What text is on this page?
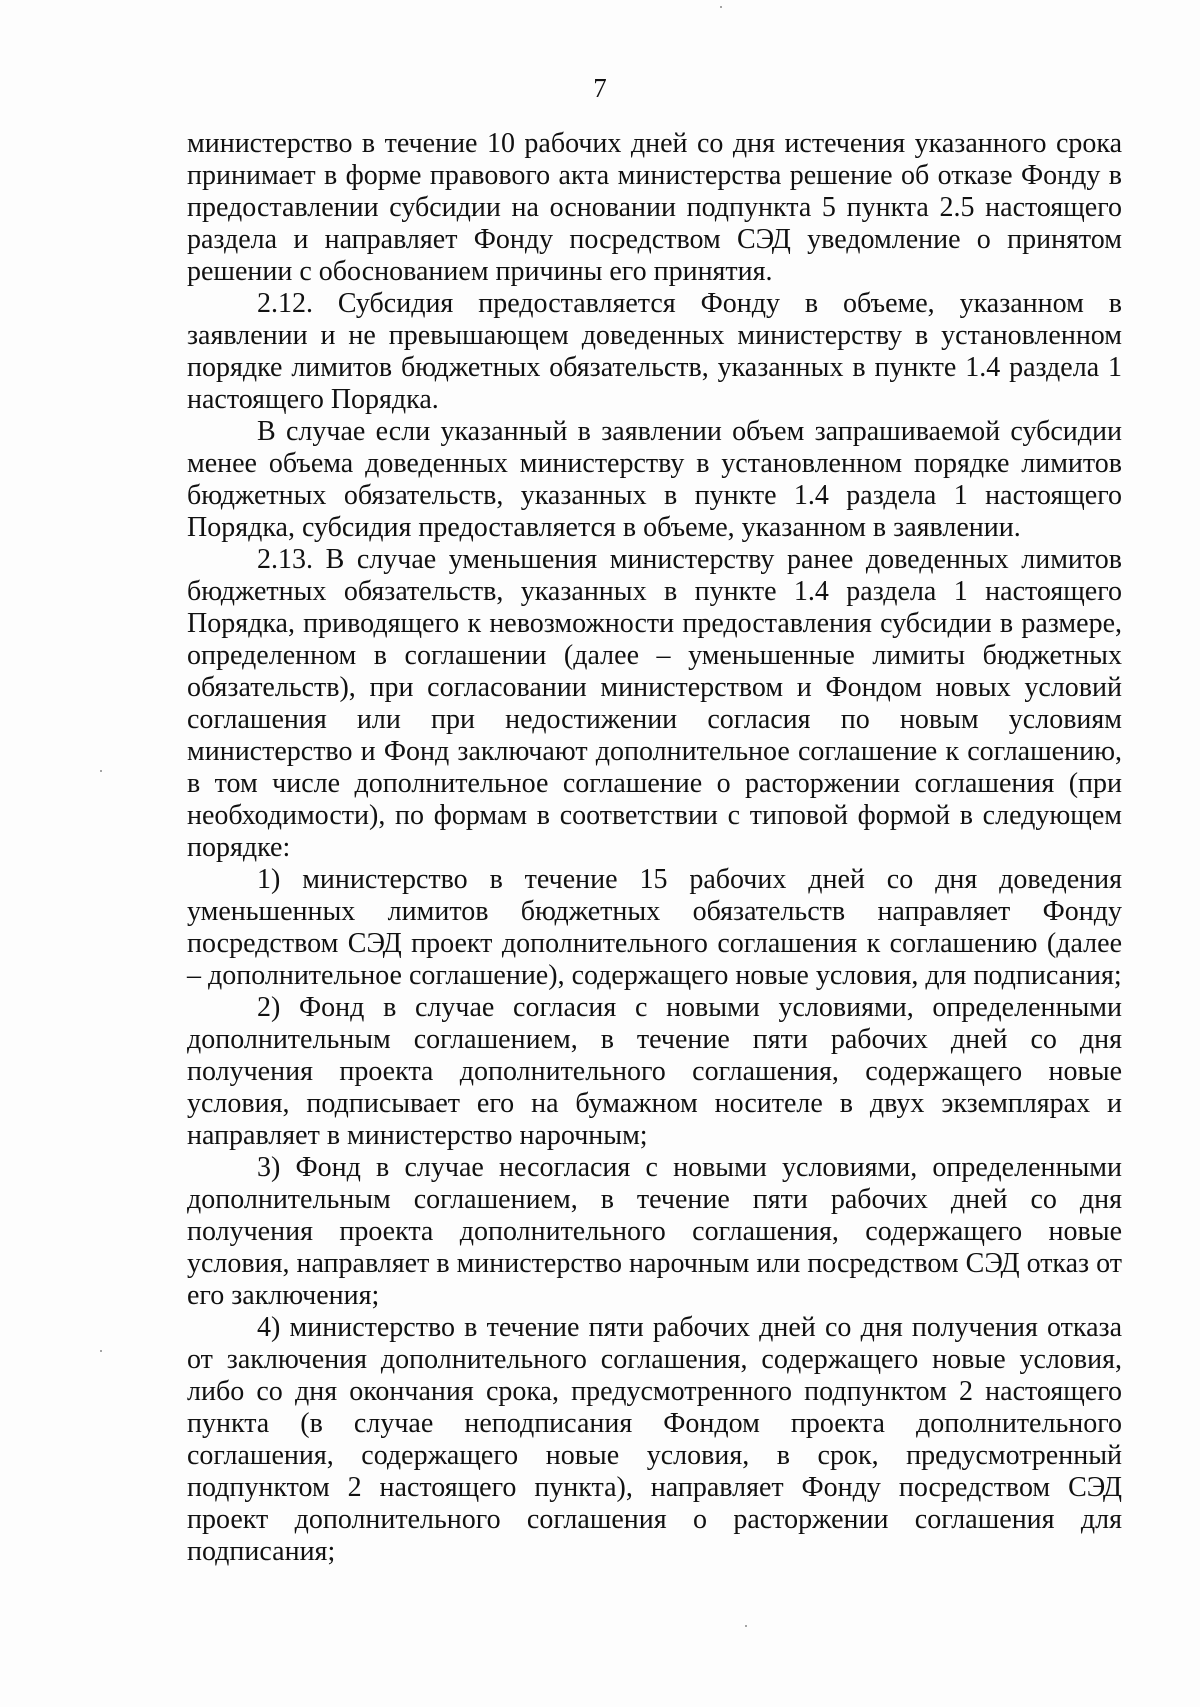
7

министерство в течение 10 рабочих дней со дня истечения указанного срока принимает в форме правового акта министерства решение об отказе Фонду в предоставлении субсидии на основании подпункта 5 пункта 2.5 настоящего раздела и направляет Фонду посредством СЭД уведомление о принятом решении с обоснованием причины его принятия.

2.12. Субсидия предоставляется Фонду в объеме, указанном в заявлении и не превышающем доведенных министерству в установленном порядке лимитов бюджетных обязательств, указанных в пункте 1.4 раздела 1 настоящего Порядка.

В случае если указанный в заявлении объем запрашиваемой субсидии менее объема доведенных министерству в установленном порядке лимитов бюджетных обязательств, указанных в пункте 1.4 раздела 1 настоящего Порядка, субсидия предоставляется в объеме, указанном в заявлении.

2.13. В случае уменьшения министерству ранее доведенных лимитов бюджетных обязательств, указанных в пункте 1.4 раздела 1 настоящего Порядка, приводящего к невозможности предоставления субсидии в размере, определенном в соглашении (далее – уменьшенные лимиты бюджетных обязательств), при согласовании министерством и Фондом новых условий соглашения или при недостижении согласия по новым условиям министерство и Фонд заключают дополнительное соглашение к соглашению, в том числе дополнительное соглашение о расторжении соглашения (при необходимости), по формам в соответствии с типовой формой в следующем порядке:

1) министерство в течение 15 рабочих дней со дня доведения уменьшенных лимитов бюджетных обязательств направляет Фонду посредством СЭД проект дополнительного соглашения к соглашению (далее – дополнительное соглашение), содержащего новые условия, для подписания;

2) Фонд в случае согласия с новыми условиями, определенными дополнительным соглашением, в течение пяти рабочих дней со дня получения проекта дополнительного соглашения, содержащего новые условия, подписывает его на бумажном носителе в двух экземплярах и направляет в министерство нарочным;

3) Фонд в случае несогласия с новыми условиями, определенными дополнительным соглашением, в течение пяти рабочих дней со дня получения проекта дополнительного соглашения, содержащего новые условия, направляет в министерство нарочным или посредством СЭД отказ от его заключения;

4) министерство в течение пяти рабочих дней со дня получения отказа от заключения дополнительного соглашения, содержащего новые условия, либо со дня окончания срока, предусмотренного подпунктом 2 настоящего пункта (в случае неподписания Фондом проекта дополнительного соглашения, содержащего новые условия, в срок, предусмотренный подпунктом 2 настоящего пункта), направляет Фонду посредством СЭД проект дополнительного соглашения о расторжении соглашения для подписания;
